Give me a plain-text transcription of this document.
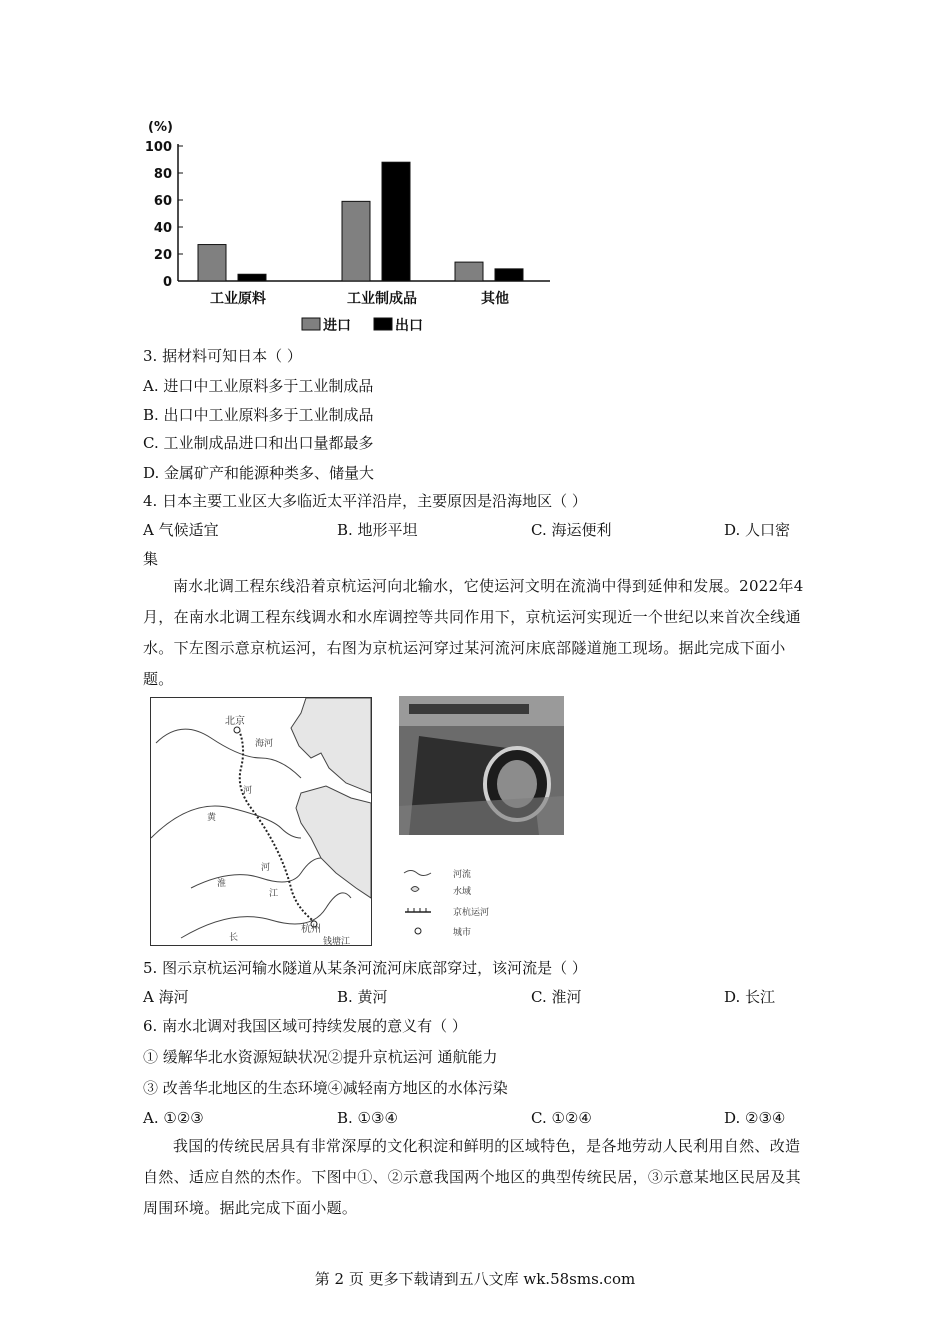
(%)
100
80
60
40
20
0
工业原料	工业制成品	其他
进口	出口
3. 据材料可知日本（ ）
A. 进口中工业原料多于工业制成品
B. 出口中工业原料多于工业制成品
C. 工业制成品进口和出口量都最多
D. 金属矿产和能源种类多、储量大
4. 日本主要工业区大多临近太平洋沿岸，主要原因是沿海地区（ ）
A 气候适宜	B. 地形平坦	C. 海运便利	D. 人口密
集
南水北调工程东线沿着京杭运河向北输水，它使运河文明在流淌中得到延伸和发展。2022年4月，在南水北调工程东线调水和水库调控等共同作用下，京杭运河实现近一个世纪以来首次全线通水。下左图示意京杭运河，右图为京杭运河穿过某河流河床底部隧道施工现场。据此完成下面小题。
北京
杭州
海河
河
黄
河
淮
江
长	钱塘江
河流
水域
京杭运河
城市
5. 图示京杭运河输水隧道从某条河流河床底部穿过，该河流是（ ）
A 海河	B. 黄河	C. 淮河	D. 长江
6. 南水北调对我国区域可持续发展的意义有（ ）
① 缓解华北水资源短缺状况②提升京杭运河 通航能力
③ 改善华北地区的生态环境④减轻南方地区的水体污染
A. ①②③	B. ①③④	C. ①②④	D. ②③④
我国的传统民居具有非常深厚的文化积淀和鲜明的区域特色，是各地劳动人民利用自然、改造自然、适应自然的杰作。下图中①、②示意我国两个地区的典型传统民居，③示意某地区民居及其周围环境。据此完成下面小题。
第 2 页 更多下载请到五八文库 wk.58sms.com
